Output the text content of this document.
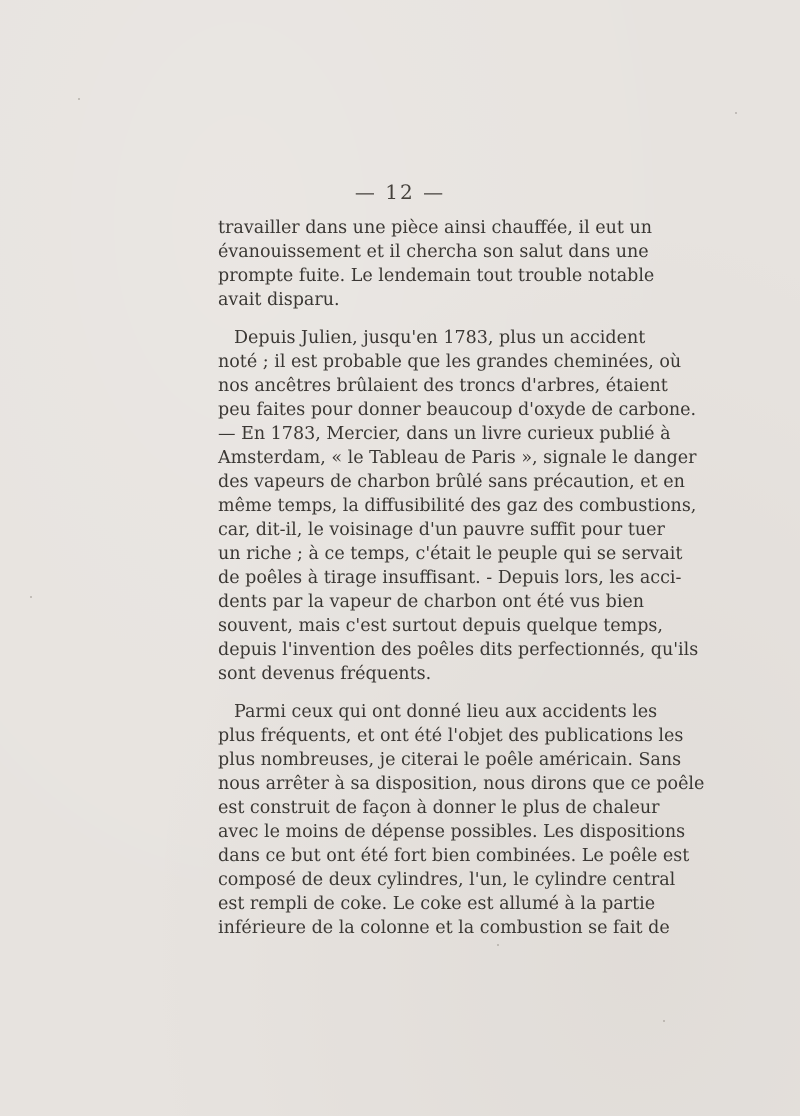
— 12 —

travailler dans une pièce ainsi chauffée, il eut un
évanouissement et il chercha son salut dans une
prompte fuite. Le lendemain tout trouble notable
avait disparu.

Depuis Julien, jusqu'en 1783, plus un accident
noté ; il est probable que les grandes cheminées, où
nos ancêtres brûlaient des troncs d'arbres, étaient
peu faites pour donner beaucoup d'oxyde de carbone.
— En 1783, Mercier, dans un livre curieux publié à
Amsterdam, « le Tableau de Paris », signale le danger
des vapeurs de charbon brûlé sans précaution, et en
même temps, la diffusibilité des gaz des combustions,
car, dit-il, le voisinage d'un pauvre suffit pour tuer
un riche ; à ce temps, c'était le peuple qui se servait
de poêles à tirage insuffisant. - Depuis lors, les acci-
dents par la vapeur de charbon ont été vus bien
souvent, mais c'est surtout depuis quelque temps,
depuis l'invention des poêles dits perfectionnés, qu'ils
sont devenus fréquents.

Parmi ceux qui ont donné lieu aux accidents les
plus fréquents, et ont été l'objet des publications les
plus nombreuses, je citerai le poêle américain. Sans
nous arrêter à sa disposition, nous dirons que ce poêle
est construit de façon à donner le plus de chaleur
avec le moins de dépense possibles. Les dispositions
dans ce but ont été fort bien combinées. Le poêle est
composé de deux cylindres, l'un, le cylindre central
est rempli de coke. Le coke est allumé à la partie
inférieure de la colonne et la combustion se fait de
